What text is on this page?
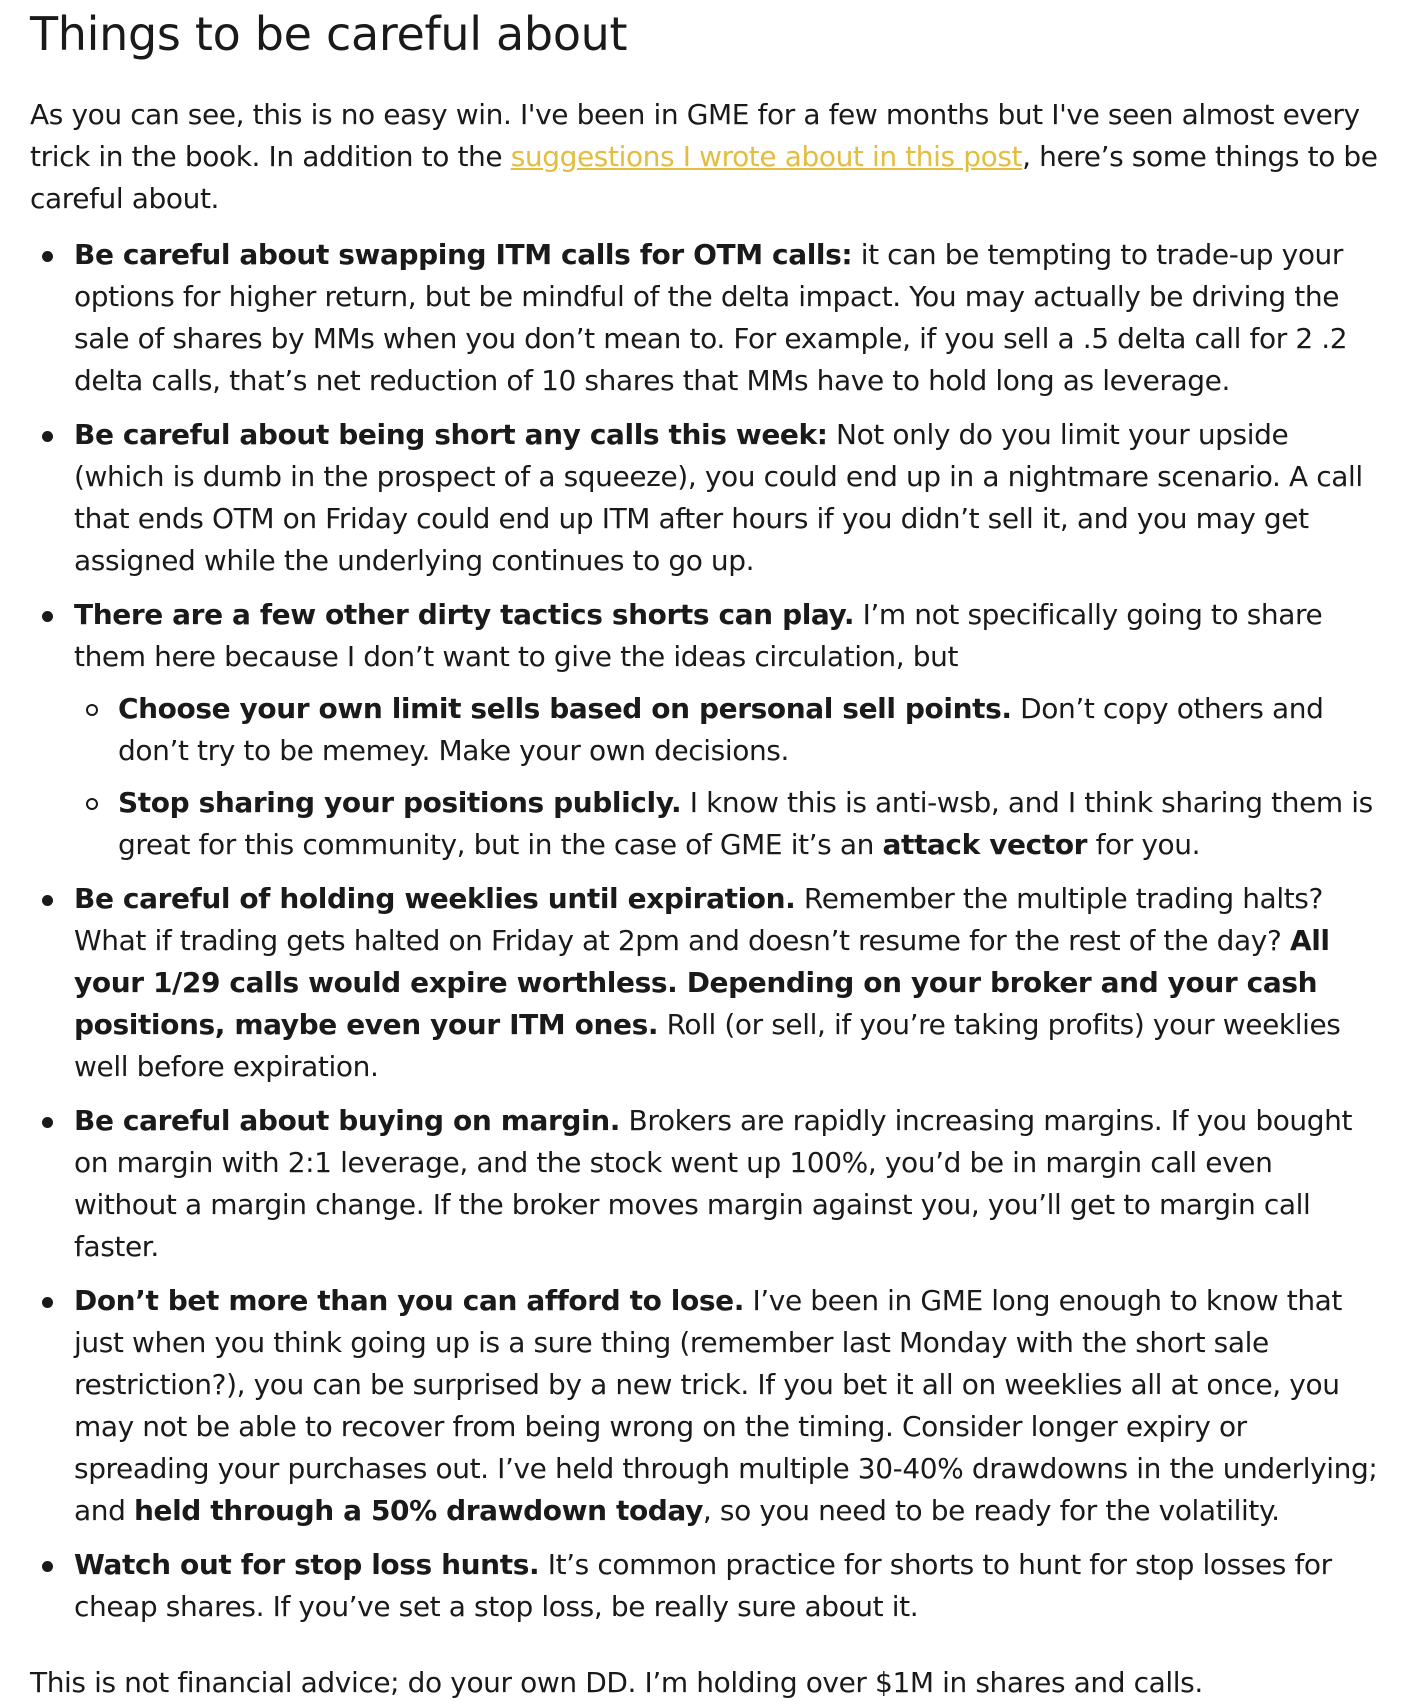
Things to be careful about

As you can see, this is no easy win. I've been in GME for a few months but I've seen almost every trick in the book. In addition to the suggestions I wrote about in this post, here’s some things to be careful about.

Be careful about swapping ITM calls for OTM calls: it can be tempting to trade-up your options for higher return, but be mindful of the delta impact. You may actually be driving the sale of shares by MMs when you don’t mean to. For example, if you sell a .5 delta call for 2 .2 delta calls, that’s net reduction of 10 shares that MMs have to hold long as leverage.
Be careful about being short any calls this week: Not only do you limit your upside (which is dumb in the prospect of a squeeze), you could end up in a nightmare scenario. A call that ends OTM on Friday could end up ITM after hours if you didn’t sell it, and you may get assigned while the underlying continues to go up.
There are a few other dirty tactics shorts can play. I’m not specifically going to share them here because I don’t want to give the ideas circulation, but
Choose your own limit sells based on personal sell points. Don’t copy others and don’t try to be memey. Make your own decisions.
Stop sharing your positions publicly. I know this is anti-wsb, and I think sharing them is great for this community, but in the case of GME it’s an attack vector for you.
Be careful of holding weeklies until expiration. Remember the multiple trading halts? What if trading gets halted on Friday at 2pm and doesn’t resume for the rest of the day? All your 1/29 calls would expire worthless. Depending on your broker and your cash positions, maybe even your ITM ones. Roll (or sell, if you’re taking profits) your weeklies well before expiration.
Be careful about buying on margin. Brokers are rapidly increasing margins. If you bought on margin with 2:1 leverage, and the stock went up 100%, you’d be in margin call even without a margin change. If the broker moves margin against you, you’ll get to margin call faster.
Don’t bet more than you can afford to lose. I’ve been in GME long enough to know that just when you think going up is a sure thing (remember last Monday with the short sale restriction?), you can be surprised by a new trick. If you bet it all on weeklies all at once, you may not be able to recover from being wrong on the timing. Consider longer expiry or spreading your purchases out. I’ve held through multiple 30-40% drawdowns in the underlying; and held through a 50% drawdown today, so you need to be ready for the volatility.
Watch out for stop loss hunts. It’s common practice for shorts to hunt for stop losses for cheap shares. If you’ve set a stop loss, be really sure about it.

This is not financial advice; do your own DD. I’m holding over $1M in shares and calls.
